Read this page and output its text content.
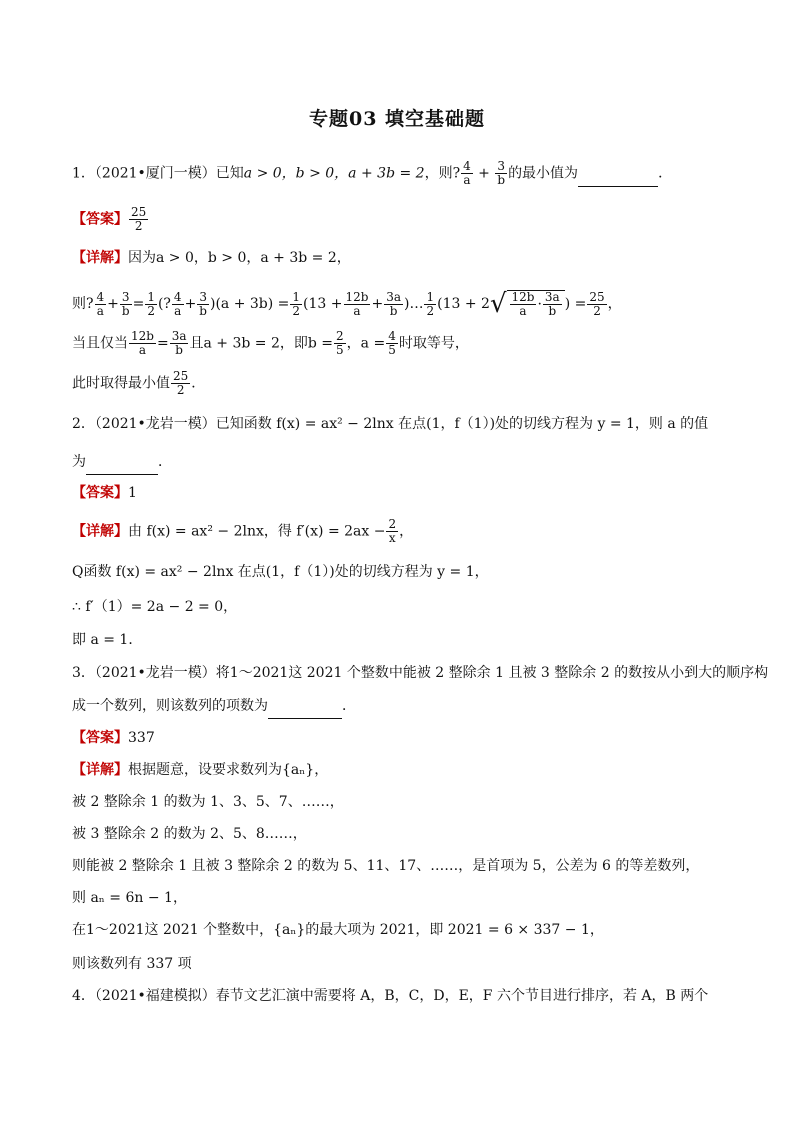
专题03 填空基础题
1．（2021•厦门一模）已知a > 0，b > 0，a + 3b = 2，则? $\frac{4}{a} + \frac{3}{b}$ 的最小值为	．
【答案】 $\frac{25}{2}$
【详解】因为a > 0，b > 0，a + 3b = 2，
则? $\frac{4}{a} + \frac{3}{b} = \frac{1}{2}$ (? $\frac{4}{a} + \frac{3}{b} )(a + 3b) = \frac{1}{2} (13 + \frac{12b}{a} + \frac{3a}{b}$ )… $\frac{1}{2} (13 + 2√ \frac{12b}{a} \cdot \frac{3a}{b}$ ) = $\frac{25}{2}$ ，
当且仅当 $\frac{12b}{a} = \frac{3a}{b}$ 且a + 3b = 2，即$b = \frac{2}{5}$ ，$a = \frac{4}{5}$ 时取等号，
此时取得最小值 $\frac{25}{2}$ ．
2．（2021•龙岩一模）已知函数 f(x) = ax² − 2lnx 在点(1，f（1）)处的切线方程为 y = 1，则 a 的值
为	．
【答案】1
【详解】由 f(x) = ax² − 2lnx，得 $f'(x) = 2ax - \frac{2}{x}$ ，
Q函数 f(x) = ax² − 2lnx 在点(1，f（1）)处的切线方程为 y = 1，
∴ f′（1）= 2a − 2 = 0，
即 a = 1．
3．（2021•龙岩一模）将1～2021这 2021 个整数中能被 2 整除余 1 且被 3 整除余 2 的数按从小到大的顺序构
成一个数列，则该数列的项数为	．
【答案】337
【详解】根据题意，设要求数列为{aₙ}，
被 2 整除余 1 的数为 1、3、5、7、……，
被 3 整除余 2 的数为 2、5、8……，
则能被 2 整除余 1 且被 3 整除余 2 的数为 5、11、17、……，是首项为 5，公差为 6 的等差数列，
则 aₙ = 6n − 1，
在1～2021这 2021 个整数中，{aₙ}的最大项为 2021，即 2021 = 6 × 337 − 1，
则该数列有 337 项
4．（2021•福建模拟）春节文艺汇演中需要将 A，B，C，D，E，F 六个节目进行排序，若 A，B 两个
